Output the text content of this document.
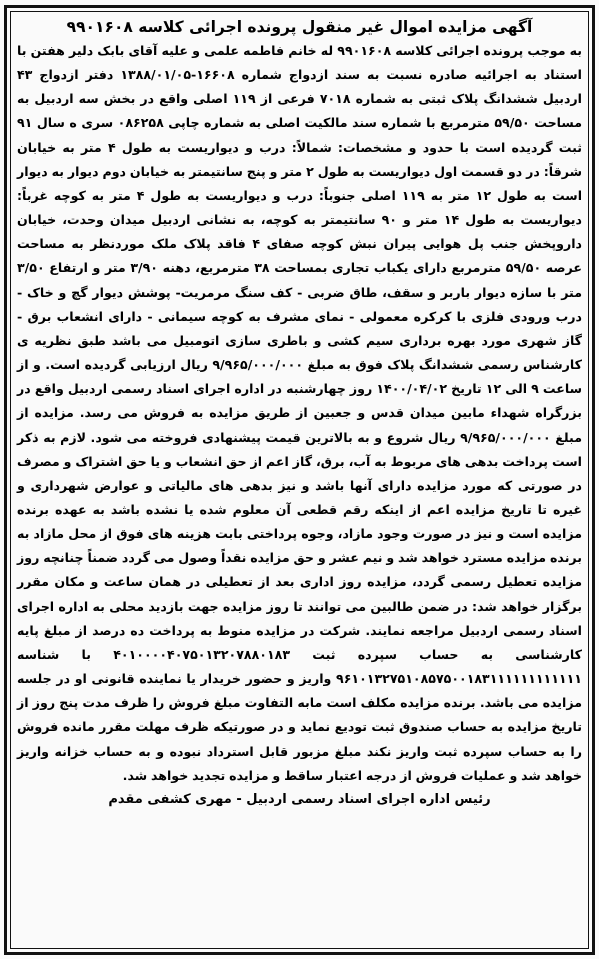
آگهی مزایده اموال غیر منقول پرونده اجرائی کلاسه ۹۹۰۱۶۰۸

به موجب پرونده اجرائی کلاسه ۹۹۰۱۶۰۸ له خانم فاطمه علمی و علیه آقای بابک دلیر هفتن با استناد به اجرائیه صادره نسبت به سند ازدواج شماره ۱۶۶۰۸-۱۳۸۸/۰۱/۰۵ دفتر ازدواج ۴۳ اردبیل ششدانگ پلاک ثبتی به شماره ۷۰۱۸ فرعی از ۱۱۹ اصلی واقع در بخش سه اردبیل به مساحت ۵۹/۵۰ مترمربع با شماره سند مالکیت اصلی به شماره چاپی ۰۸۶۲۵۸ سری ه سال ۹۱ ثبت گردیده است با حدود و مشخصات: شمالاً: درب و دیواریست به طول ۴ متر به خیابان شرقاً: در دو قسمت اول دیواریست به طول ۲ متر و پنج سانتیمتر به خیابان دوم دیوار به دیوار است به طول ۱۲ متر به ۱۱۹ اصلی جنوباً: درب و دیواریست به طول ۴ متر به کوچه غرباً: دیواریست به طول ۱۴ متر و ۹۰ سانتیمتر به کوچه، به نشانی اردبیل میدان وحدت، خیابان داروپخش جنب پل هوایی پیران نبش کوچه صفای ۴ فاقد پلاک ملک موردنظر به مساحت عرصه ۵۹/۵۰ مترمربع دارای یکباب تجاری بمساحت ۳۸ مترمربع، دهنه ۳/۹۰ متر و ارتفاع ۳/۵۰ متر با سازه دیوار باربر و سقف، طاق ضربی - کف سنگ مرمریت- پوشش دیوار گچ و خاک - درب ورودی فلزی با کرکره معمولی - نمای مشرف به کوچه سیمانی - دارای انشعاب برق - گاز شهری مورد بهره برداری سیم کشی و باطری سازی اتومبیل می باشد طبق نظریه ی کارشناس رسمی ششدانگ پلاک فوق به مبلغ ۹/۹۶۵/۰۰۰/۰۰۰ ریال ارزیابی گردیده است. و از ساعت ۹ الی ۱۲ تاریخ ۱۴۰۰/۰۴/۰۲ روز چهارشنبه در اداره اجرای اسناد رسمی اردبیل واقع در بزرگراه شهداء مابین میدان قدس و جعبین از طریق مزایده به فروش می رسد. مزایده از مبلغ ۹/۹۶۵/۰۰۰/۰۰۰ ریال شروع و به بالاترین قیمت پیشنهادی فروخته می شود. لازم به ذکر است پرداخت بدهی های مربوط به آب، برق، گاز اعم از حق انشعاب و یا حق اشتراک و مصرف در صورتی که مورد مزایده دارای آنها باشد و نیز بدهی های مالیاتی و عوارض شهرداری و غیره تا تاریخ مزایده اعم از اینکه رقم قطعی آن معلوم شده یا نشده باشد به عهده برنده مزایده است و نیز در صورت وجود مازاد، وجوه پرداختی بابت هزینه های فوق از محل مازاد به برنده مزایده مسترد خواهد شد و نیم عشر و حق مزایده نقداً وصول می گردد ضمناً چنانچه روز مزایده تعطیل رسمی گردد، مزایده روز اداری بعد از تعطیلی در همان ساعت و مکان مقرر برگزار خواهد شد: در ضمن طالبین می توانند تا روز مزایده جهت بازدید محلی به اداره اجرای اسناد رسمی اردبیل مراجعه نمایند. شرکت در مزایده منوط به پرداخت ده درصد از مبلغ پایه کارشناسی به حساب سپرده ثبت ۴۰۱۰۰۰۰۴۰۷۵۰۱۳۲۰۷۸۸۰۱۸۳ با شناسه ۹۶۱۰۱۳۲۷۵۱۰۸۵۷۵۰۰۱۸۳۱۱۱۱۱۱۱۱۱۱۱۱ واریز و حضور خریدار یا نماینده قانونی او در جلسه مزایده می باشد. برنده مزایده مکلف است مابه التفاوت مبلغ فروش را ظرف مدت پنج روز از تاریخ مزایده به حساب صندوق ثبت تودیع نماید و در صورتیکه ظرف مهلت مقرر مانده فروش را به حساب سپرده ثبت واریز نکند مبلغ مزبور قابل استرداد نبوده و به حساب خزانه واریز خواهد شد و عملیات فروش از درجه اعتبار ساقط و مزایده تجدید خواهد شد.

رئیس اداره اجرای اسناد رسمی اردبیل - مهری کشفی مقدم
